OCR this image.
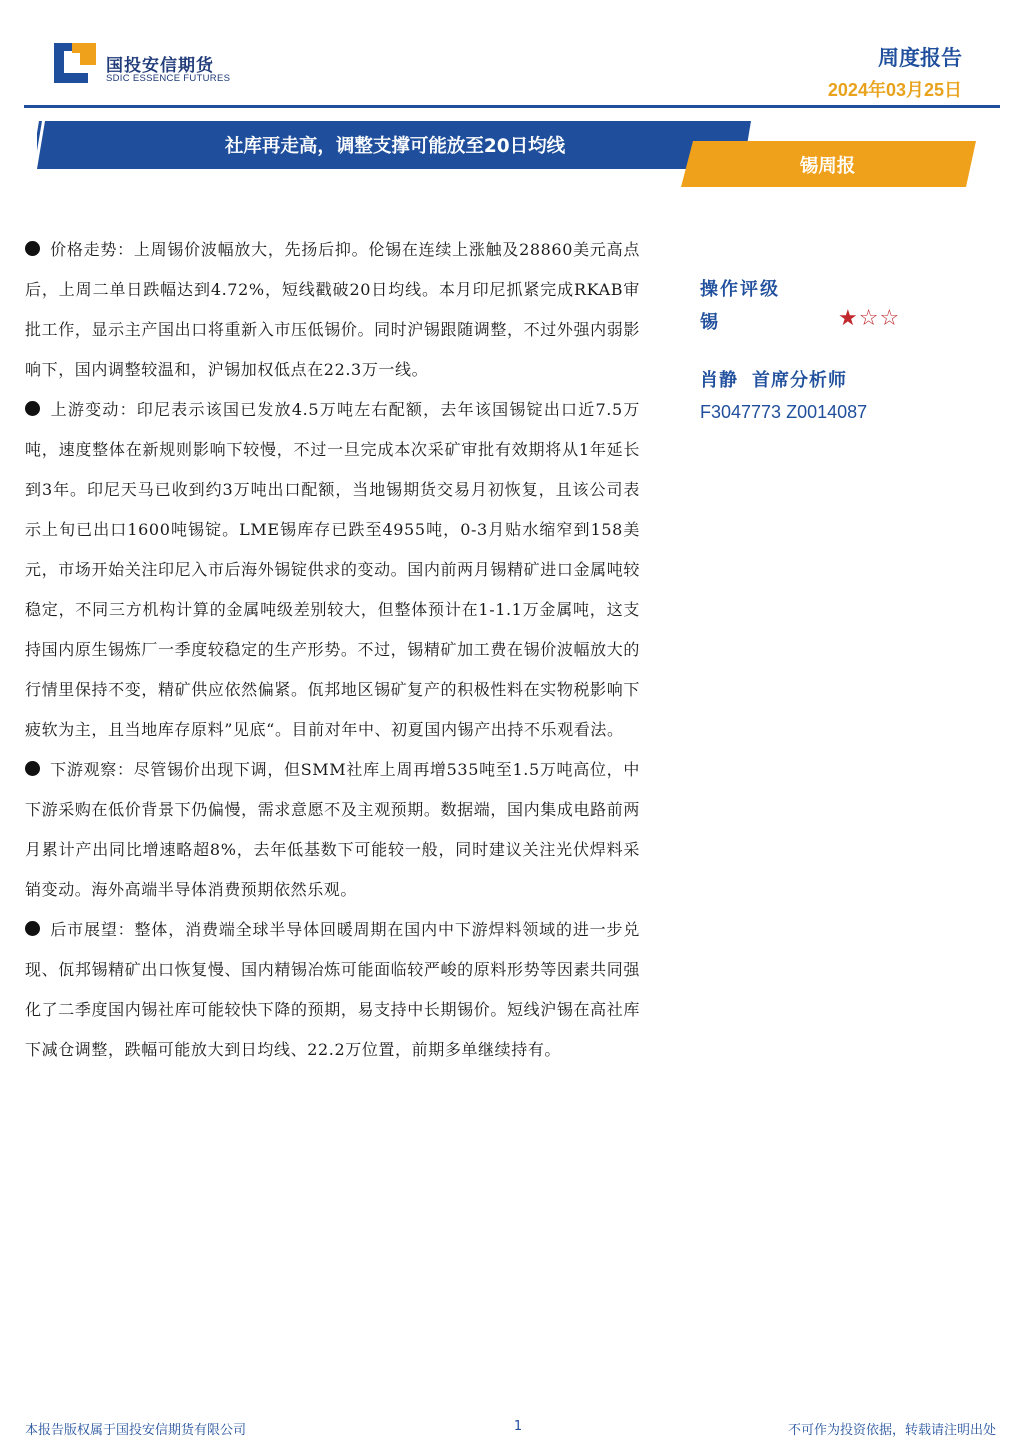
国投安信期货
SDIC ESSENCE FUTURES
周度报告
2024年03月25日
社库再走高，调整支撑可能放至20日均线
锡周报

价格走势：上周锡价波幅放大，先扬后抑。伦锡在连续上涨触及28860美元高点后，上周二单日跌幅达到4.72%，短线戳破20日均线。本月印尼抓紧完成RKAB审批工作，显示主产国出口将重新入市压低锡价。同时沪锡跟随调整，不过外强内弱影响下，国内调整较温和，沪锡加权低点在22.3万一线。

上游变动：印尼表示该国已发放4.5万吨左右配额，去年该国锡锭出口近7.5万吨，速度整体在新规则影响下较慢，不过一旦完成本次采矿审批有效期将从1年延长到3年。印尼天马已收到约3万吨出口配额，当地锡期货交易月初恢复，且该公司表示上旬已出口1600吨锡锭。LME锡库存已跌至4955吨，0-3月贴水缩窄到158美元，市场开始关注印尼入市后海外锡锭供求的变动。国内前两月锡精矿进口金属吨较稳定，不同三方机构计算的金属吨级差别较大，但整体预计在1-1.1万金属吨，这支持国内原生锡炼厂一季度较稳定的生产形势。不过，锡精矿加工费在锡价波幅放大的行情里保持不变，精矿供应依然偏紧。佤邦地区锡矿复产的积极性料在实物税影响下疲软为主，且当地库存原料”见底“。目前对年中、初夏国内锡产出持不乐观看法。

下游观察：尽管锡价出现下调，但SMM社库上周再增535吨至1.5万吨高位，中下游采购在低价背景下仍偏慢，需求意愿不及主观预期。数据端，国内集成电路前两月累计产出同比增速略超8%，去年低基数下可能较一般，同时建议关注光伏焊料采销变动。海外高端半导体消费预期依然乐观。

后市展望：整体，消费端全球半导体回暖周期在国内中下游焊料领域的进一步兑现、佤邦锡精矿出口恢复慢、国内精锡冶炼可能面临较严峻的原料形势等因素共同强化了二季度国内锡社库可能较快下降的预期，易支持中长期锡价。短线沪锡在高社库下减仓调整，跌幅可能放大到日均线、22.2万位置，前期多单继续持有。

操作评级
锡	★☆☆
肖静 首席分析师
F3047773 Z0014087
本报告版权属于国投安信期货有限公司	1	不可作为投资依据，转载请注明出处
